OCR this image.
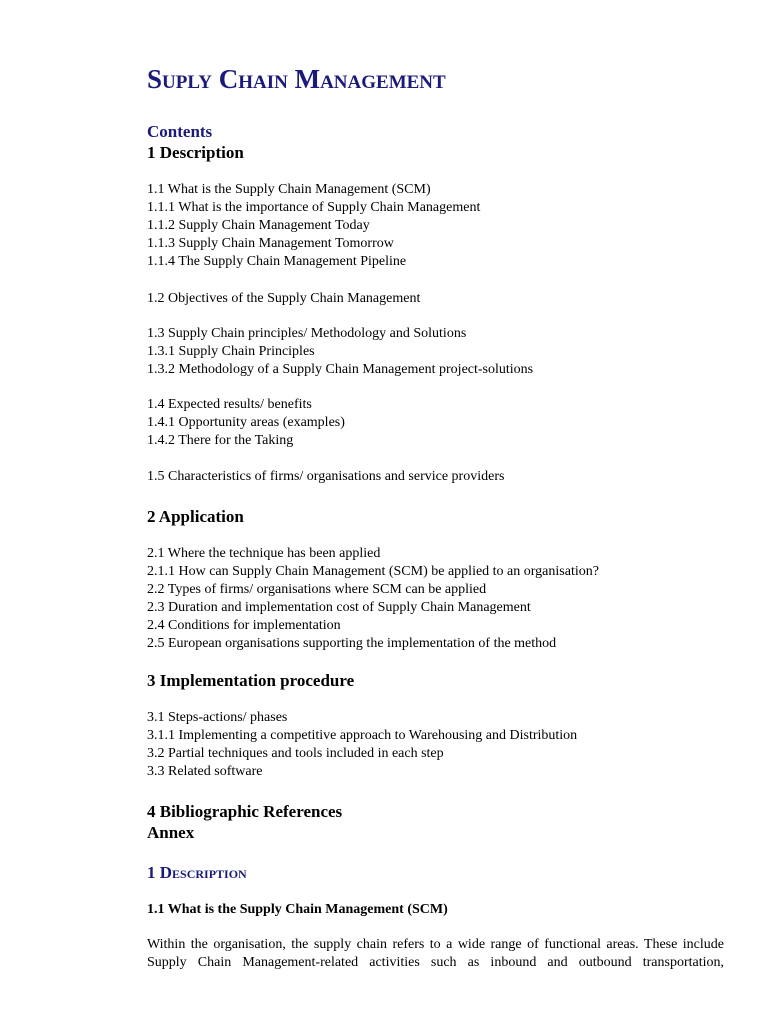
Suply Chain Management
Contents
1 Description
1.1 What is the Supply Chain Management (SCM)
1.1.1 What is the importance of Supply Chain Management
1.1.2 Supply Chain Management Today
1.1.3 Supply Chain Management Tomorrow
1.1.4 The Supply Chain Management Pipeline
1.2 Objectives of the Supply Chain Management
1.3 Supply Chain principles/ Methodology and Solutions
1.3.1 Supply Chain Principles
1.3.2 Methodology of a Supply Chain Management project-solutions
1.4 Expected results/ benefits
1.4.1 Opportunity areas (examples)
1.4.2 There for the Taking
1.5 Characteristics of firms/ organisations and service providers
2 Application
2.1 Where the technique has been applied
2.1.1 How can Supply Chain Management (SCM) be applied to an organisation?
2.2 Types of firms/ organisations where SCM can be applied
2.3 Duration and implementation cost of Supply Chain Management
2.4 Conditions for implementation
2.5 European organisations supporting the implementation of the method
3 Implementation procedure
3.1 Steps-actions/ phases
3.1.1 Implementing a competitive approach to Warehousing and Distribution
3.2 Partial techniques and tools included in each step
3.3 Related software
4 Bibliographic References
Annex
1 Description
1.1 What is the Supply Chain Management (SCM)
Within the organisation, the supply chain refers to a wide range of functional areas. These include
Supply Chain Management-related activities such as inbound and outbound transportation,
